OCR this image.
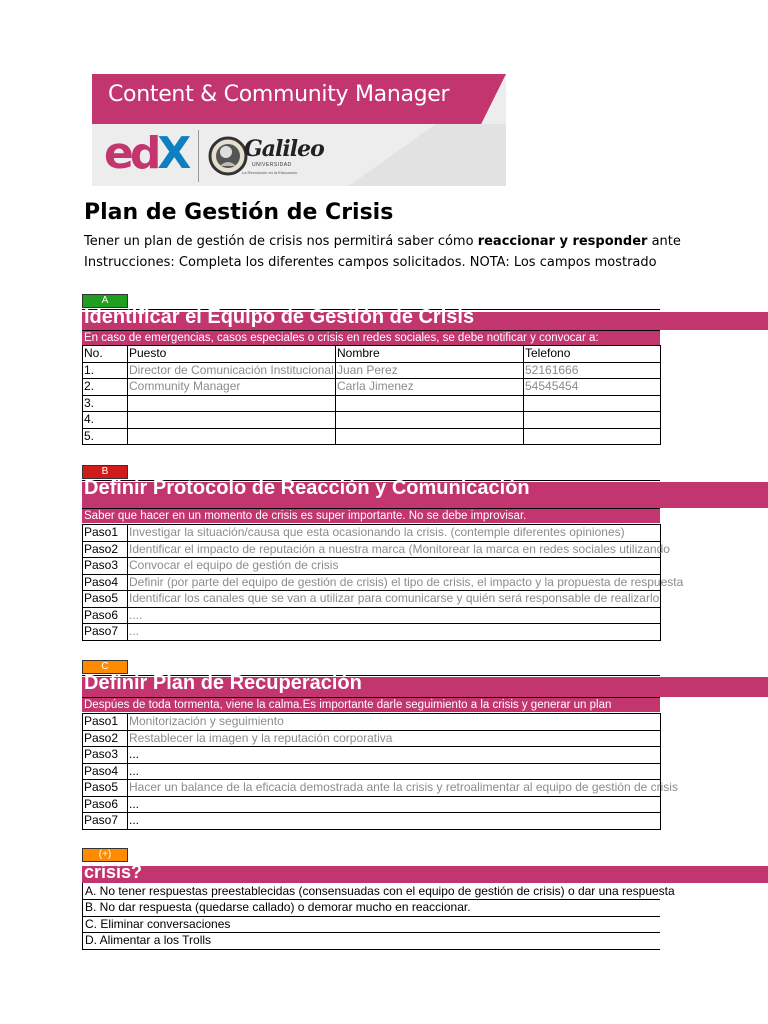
Content & Community Manager
edX	Galileo
UNIVERSIDAD
La Revolución en la Educación
Plan de Gestión de Crisis
Tener un plan de gestión de crisis nos permitirá saber cómo reaccionar y responder ante
Instrucciones: Completa los diferentes campos solicitados. NOTA: Los campos mostrado
A
Identificar el Equipo de Gestión de Crisis
En caso de emergencias, casos especiales o crisis en redes sociales, se debe notificar y convocar a:
No.	Puesto	Nombre	Telefono
1.	Director de Comunicación Institucional	Juan Perez	52161666
2.	Community Manager	Carla Jimenez	54545454
3.			
4.			
5.			
B
Definir Protocolo de Reacción y Comunicación
Saber que hacer en un momento de crisis es super importante. No se debe improvisar.
Paso1	Investigar la situación/causa que esta ocasionando la crisis. (contemple diferentes opiniones)
Paso2	Identificar el impacto de reputación a nuestra marca (Monitorear la marca en redes sociales utilizando
Paso3	Convocar el equipo de gestión de crisis
Paso4	Definir (por parte del equipo de gestión de crisis) el tipo de crisis, el impacto y la propuesta de respuesta
Paso5	Identificar los canales que se van a utilizar para comunicarse y quién será responsable de realizarlo
Paso6	....
Paso7	...
C
Definir Plan de Recuperación
Despúes de toda tormenta, viene la calma.Es importante darle seguimiento a la crisis y generar un plan
Paso1	Monitorización y seguimiento
Paso2	Restablecer la imagen y la reputación corporativa
Paso3	...
Paso4	...
Paso5	Hacer un balance de la eficacia demostrada ante la crisis y retroalimentar al equipo de gestión de crisis
Paso6	...
Paso7	...
(+)
crisis?
A. No tener respuestas preestablecidas (consensuadas con el equipo de gestión de crisis) o dar una respuesta
B. No dar respuesta (quedarse callado) o demorar mucho en reaccionar.
C. Eliminar conversaciones
D. Alimentar a los Trolls
